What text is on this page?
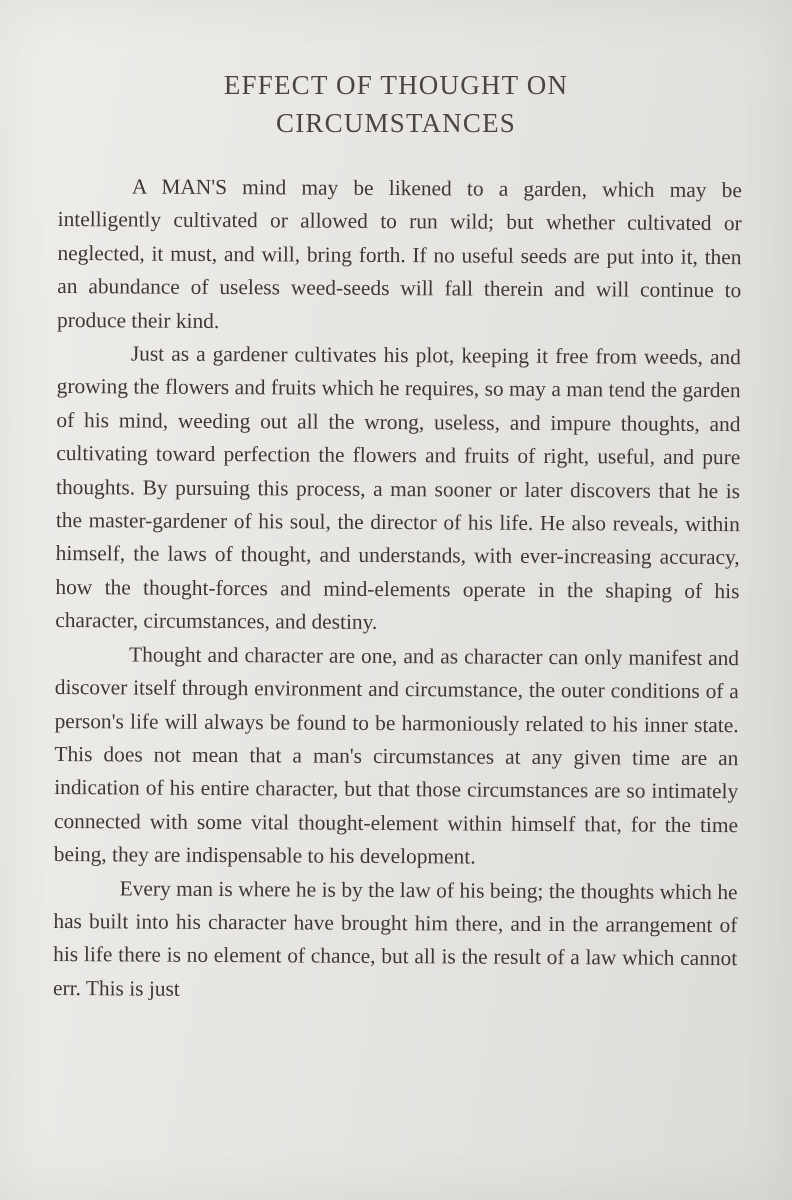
EFFECT OF THOUGHT ON
CIRCUMSTANCES

A MAN'S mind may be likened to a garden, which may be intelligently cultivated or allowed to run wild; but whether cultivated or neglected, it must, and will, bring forth. If no useful seeds are put into it, then an abundance of useless weed-seeds will fall therein and will continue to produce their kind.

Just as a gardener cultivates his plot, keeping it free from weeds, and growing the flowers and fruits which he requires, so may a man tend the garden of his mind, weeding out all the wrong, useless, and impure thoughts, and cultivating toward perfection the flowers and fruits of right, useful, and pure thoughts. By pursuing this process, a man sooner or later discovers that he is the master-gardener of his soul, the director of his life. He also reveals, within himself, the laws of thought, and understands, with ever-increasing accuracy, how the thought-forces and mind-elements operate in the shaping of his character, circumstances, and destiny.

Thought and character are one, and as character can only manifest and discover itself through environment and circumstance, the outer conditions of a person's life will always be found to be harmoniously related to his inner state. This does not mean that a man's circumstances at any given time are an indication of his entire character, but that those circumstances are so intimately connected with some vital thought-element within himself that, for the time being, they are indispensable to his development.

Every man is where he is by the law of his being; the thoughts which he has built into his character have brought him there, and in the arrangement of his life there is no element of chance, but all is the result of a law which cannot err. This is just
